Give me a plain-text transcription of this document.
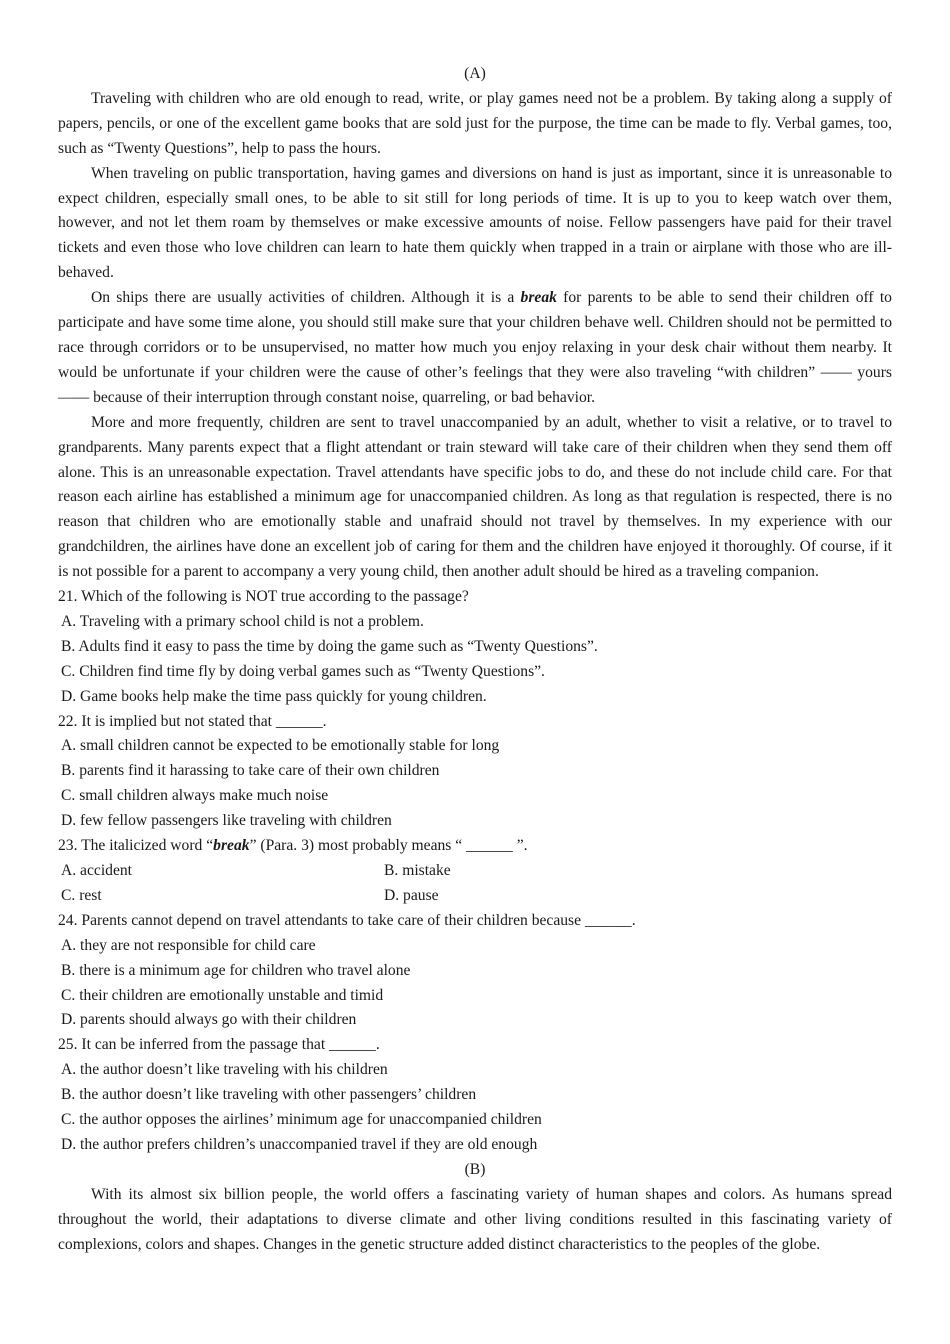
(A)

Traveling with children who are old enough to read, write, or play games need not be a problem. By taking along a supply of papers, pencils, or one of the excellent game books that are sold just for the purpose, the time can be made to fly. Verbal games, too, such as “Twenty Questions”, help to pass the hours.

When traveling on public transportation, having games and diversions on hand is just as important, since it is unreasonable to expect children, especially small ones, to be able to sit still for long periods of time. It is up to you to keep watch over them, however, and not let them roam by themselves or make excessive amounts of noise. Fellow passengers have paid for their travel tickets and even those who love children can learn to hate them quickly when trapped in a train or airplane with those who are ill-behaved.

On ships there are usually activities of children. Although it is a break for parents to be able to send their children off to participate and have some time alone, you should still make sure that your children behave well. Children should not be permitted to race through corridors or to be unsupervised, no matter how much you enjoy relaxing in your desk chair without them nearby. It would be unfortunate if your children were the cause of other’s feelings that they were also traveling “with children” —— yours —— because of their interruption through constant noise, quarreling, or bad behavior.

More and more frequently, children are sent to travel unaccompanied by an adult, whether to visit a relative, or to travel to grandparents. Many parents expect that a flight attendant or train steward will take care of their children when they send them off alone. This is an unreasonable expectation. Travel attendants have specific jobs to do, and these do not include child care. For that reason each airline has established a minimum age for unaccompanied children. As long as that regulation is respected, there is no reason that children who are emotionally stable and unafraid should not travel by themselves. In my experience with our grandchildren, the airlines have done an excellent job of caring for them and the children have enjoyed it thoroughly. Of course, if it is not possible for a parent to accompany a very young child, then another adult should be hired as a traveling companion.

21. Which of the following is NOT true according to the passage?

A. Traveling with a primary school child is not a problem.

B. Adults find it easy to pass the time by doing the game such as “Twenty Questions”.

C. Children find time fly by doing verbal games such as “Twenty Questions”.

D. Game books help make the time pass quickly for young children.

22. It is implied but not stated that ______.

A. small children cannot be expected to be emotionally stable for long

B. parents find it harassing to take care of their own children

C. small children always make much noise

D. few fellow passengers like traveling with children

23. The italicized word “break” (Para. 3) most probably means “ ______ ”.

A. accident	B. mistake
C. rest	D. pause

24. Parents cannot depend on travel attendants to take care of their children because ______.

A. they are not responsible for child care

B. there is a minimum age for children who travel alone

C. their children are emotionally unstable and timid

D. parents should always go with their children

25. It can be inferred from the passage that ______.

A. the author doesn’t like traveling with his children

B. the author doesn’t like traveling with other passengers’ children

C. the author opposes the airlines’ minimum age for unaccompanied children

D. the author prefers children’s unaccompanied travel if they are old enough

(B)

With its almost six billion people, the world offers a fascinating variety of human shapes and colors. As humans spread throughout the world, their adaptations to diverse climate and other living conditions resulted in this fascinating variety of complexions, colors and shapes. Changes in the genetic structure added distinct characteristics to the peoples of the globe.
